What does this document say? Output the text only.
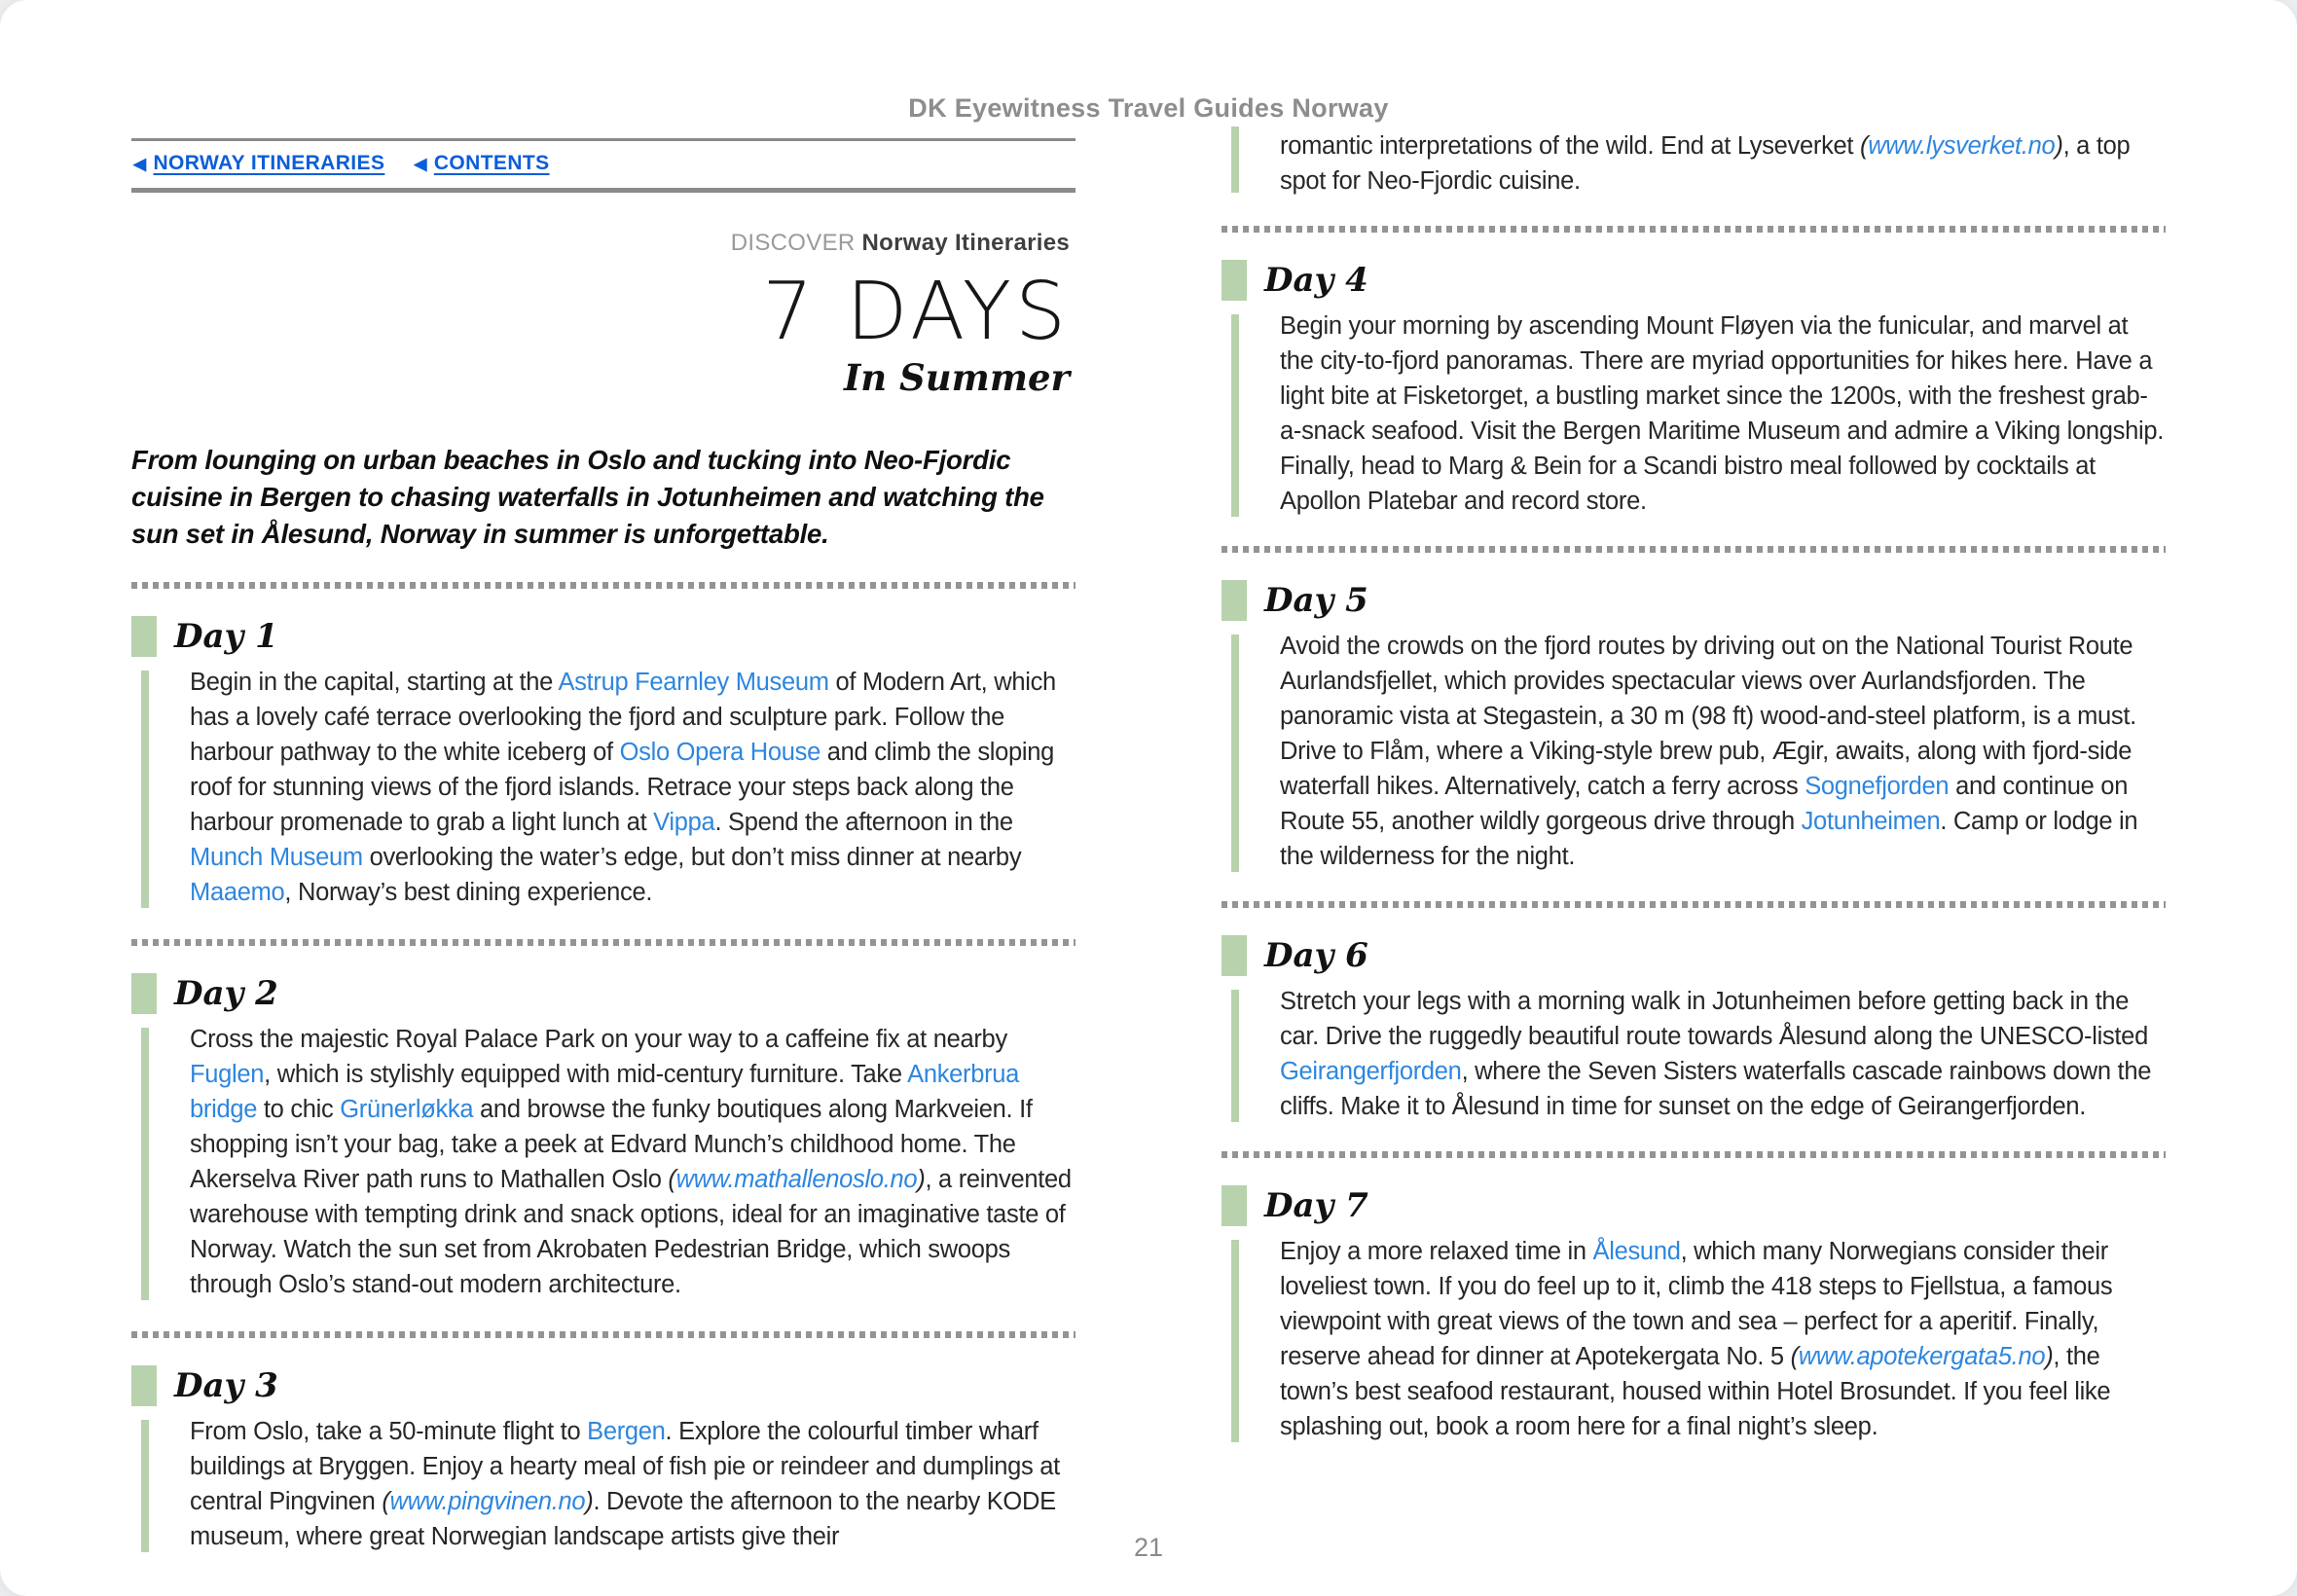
DK Eyewitness Travel Guides Norway
◀ NORWAY ITINERARIES ◀ CONTENTS
DISCOVER Norway Itineraries
7 DAYS
In Summer

From lounging on urban beaches in Oslo and tucking into Neo-Fjordic cuisine in Bergen to chasing waterfalls in Jotunheimen and watching the sun set in Ålesund, Norway in summer is unforgettable.

Day 1

Begin in the capital, starting at the Astrup Fearnley Museum of Modern Art, which has a lovely café terrace overlooking the fjord and sculpture park. Follow the harbour pathway to the white iceberg of Oslo Opera House and climb the sloping roof for stunning views of the fjord islands. Retrace your steps back along the harbour promenade to grab a light lunch at Vippa. Spend the afternoon in the Munch Museum overlooking the water’s edge, but don’t miss dinner at nearby Maaemo, Norway’s best dining experience.

Day 2

Cross the majestic Royal Palace Park on your way to a caffeine fix at nearby Fuglen, which is stylishly equipped with mid-century furniture. Take Ankerbrua bridge to chic Grünerløkka and browse the funky boutiques along Markveien. If shopping isn’t your bag, take a peek at Edvard Munch’s childhood home. The Akerselva River path runs to Mathallen Oslo (www.mathallenoslo.no), a reinvented warehouse with tempting drink and snack options, ideal for an imaginative taste of Norway. Watch the sun set from Akrobaten Pedestrian Bridge, which swoops through Oslo’s stand-out modern architecture.

Day 3

From Oslo, take a 50-minute flight to Bergen. Explore the colourful timber wharf buildings at Bryggen. Enjoy a hearty meal of fish pie or reindeer and dumplings at central Pingvinen (www.pingvinen.no). Devote the afternoon to the nearby KODE museum, where great Norwegian landscape artists give their

romantic interpretations of the wild. End at Lyseverket (www.lysverket.no), a top spot for Neo-Fjordic cuisine.

Day 4

Begin your morning by ascending Mount Fløyen via the funicular, and marvel at the city-to-fjord panoramas. There are myriad opportunities for hikes here. Have a light bite at Fisketorget, a bustling market since the 1200s, with the freshest grab-a-snack seafood. Visit the Bergen Maritime Museum and admire a Viking longship. Finally, head to Marg & Bein for a Scandi bistro meal followed by cocktails at Apollon Platebar and record store.

Day 5

Avoid the crowds on the fjord routes by driving out on the National Tourist Route Aurlandsfjellet, which provides spectacular views over Aurlandsfjorden. The panoramic vista at Stegastein, a 30 m (98 ft) wood-and-steel platform, is a must. Drive to Flåm, where a Viking-style brew pub, Ægir, awaits, along with fjord-side waterfall hikes. Alternatively, catch a ferry across Sognefjorden and continue on Route 55, another wildly gorgeous drive through Jotunheimen. Camp or lodge in the wilderness for the night.

Day 6

Stretch your legs with a morning walk in Jotunheimen before getting back in the car. Drive the ruggedly beautiful route towards Ålesund along the UNESCO-listed Geirangerfjorden, where the Seven Sisters waterfalls cascade rainbows down the cliffs. Make it to Ålesund in time for sunset on the edge of Geirangerfjorden.

Day 7

Enjoy a more relaxed time in Ålesund, which many Norwegians consider their loveliest town. If you do feel up to it, climb the 418 steps to Fjellstua, a famous viewpoint with great views of the town and sea – perfect for a aperitif. Finally, reserve ahead for dinner at Apotekergata No. 5 (www.apotekergata5.no), the town’s best seafood restaurant, housed within Hotel Brosundet. If you feel like splashing out, book a room here for a final night’s sleep.

21
